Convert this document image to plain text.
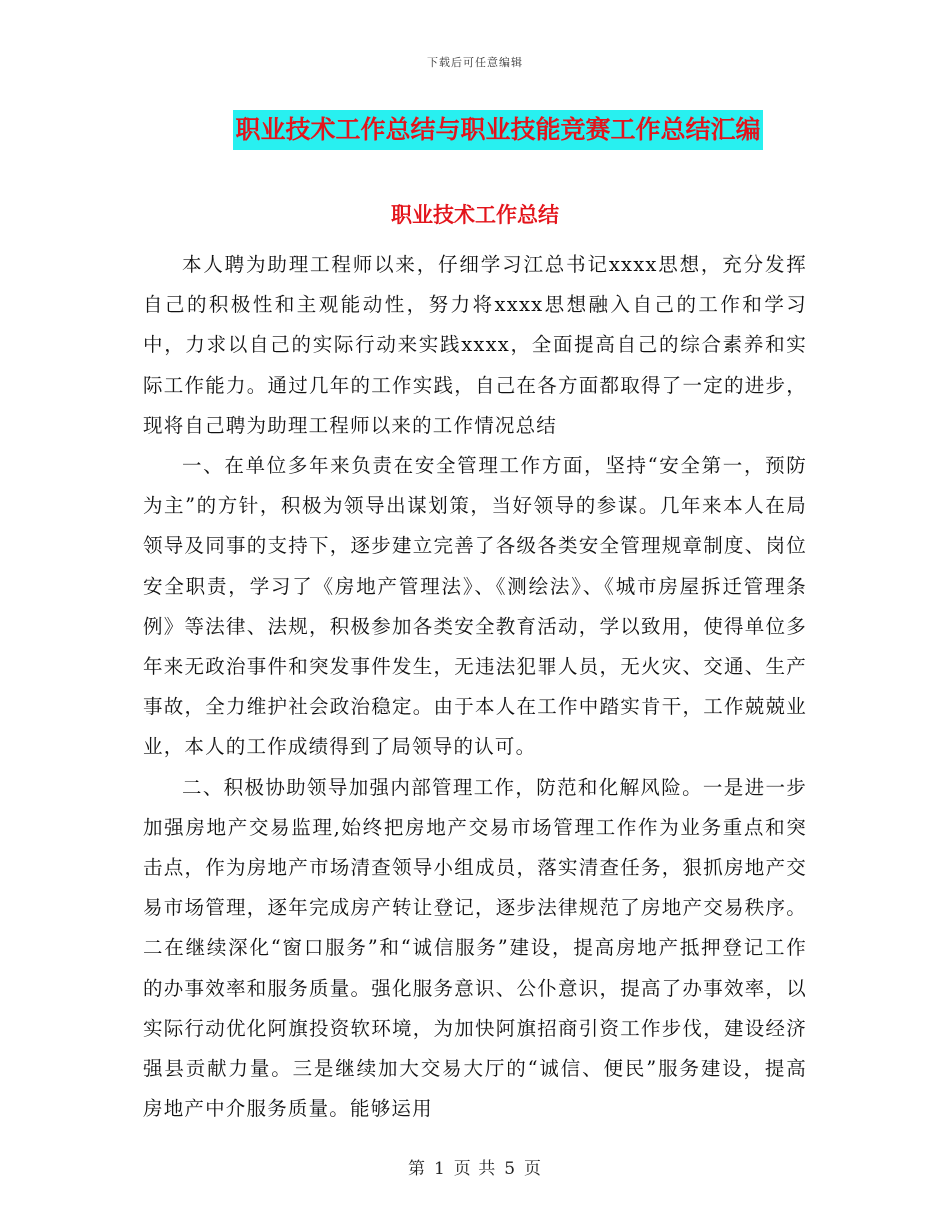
下载后可任意编辑
职业技术工作总结与职业技能竞赛工作总结汇编
职业技术工作总结

本人聘为助理工程师以来，仔细学习江总书记xxxx思想，充分发挥自己的积极性和主观能动性，努力将xxxx思想融入自己的工作和学习中，力求以自己的实际行动来实践xxxx，全面提高自己的综合素养和实际工作能力。通过几年的工作实践，自己在各方面都取得了一定的进步，现将自己聘为助理工程师以来的工作情况总结

一、在单位多年来负责在安全管理工作方面，坚持“安全第一，预防为主”的方针，积极为领导出谋划策，当好领导的参谋。几年来本人在局领导及同事的支持下，逐步建立完善了各级各类安全管理规章制度、岗位安全职责，学习了《房地产管理法》、《测绘法》、《城市房屋拆迁管理条例》等法律、法规，积极参加各类安全教育活动，学以致用，使得单位多年来无政治事件和突发事件发生，无违法犯罪人员，无火灾、交通、生产事故，全力维护社会政治稳定。由于本人在工作中踏实肯干，工作兢兢业业，本人的工作成绩得到了局领导的认可。

二、积极协助领导加强内部管理工作，防范和化解风险。一是进一步加强房地产交易监理,始终把房地产交易市场管理工作作为业务重点和突击点，作为房地产市场清查领导小组成员，落实清查任务，狠抓房地产交易市场管理，逐年完成房产转让登记，逐步法律规范了房地产交易秩序。二在继续深化“窗口服务”和“诚信服务”建设，提高房地产抵押登记工作的办事效率和服务质量。强化服务意识、公仆意识，提高了办事效率，以实际行动优化阿旗投资软环境，为加快阿旗招商引资工作步伐，建设经济强县贡献力量。三是继续加大交易大厅的“诚信、便民”服务建设，提高房地产中介服务质量。能够运用

第 1 页 共 5 页
